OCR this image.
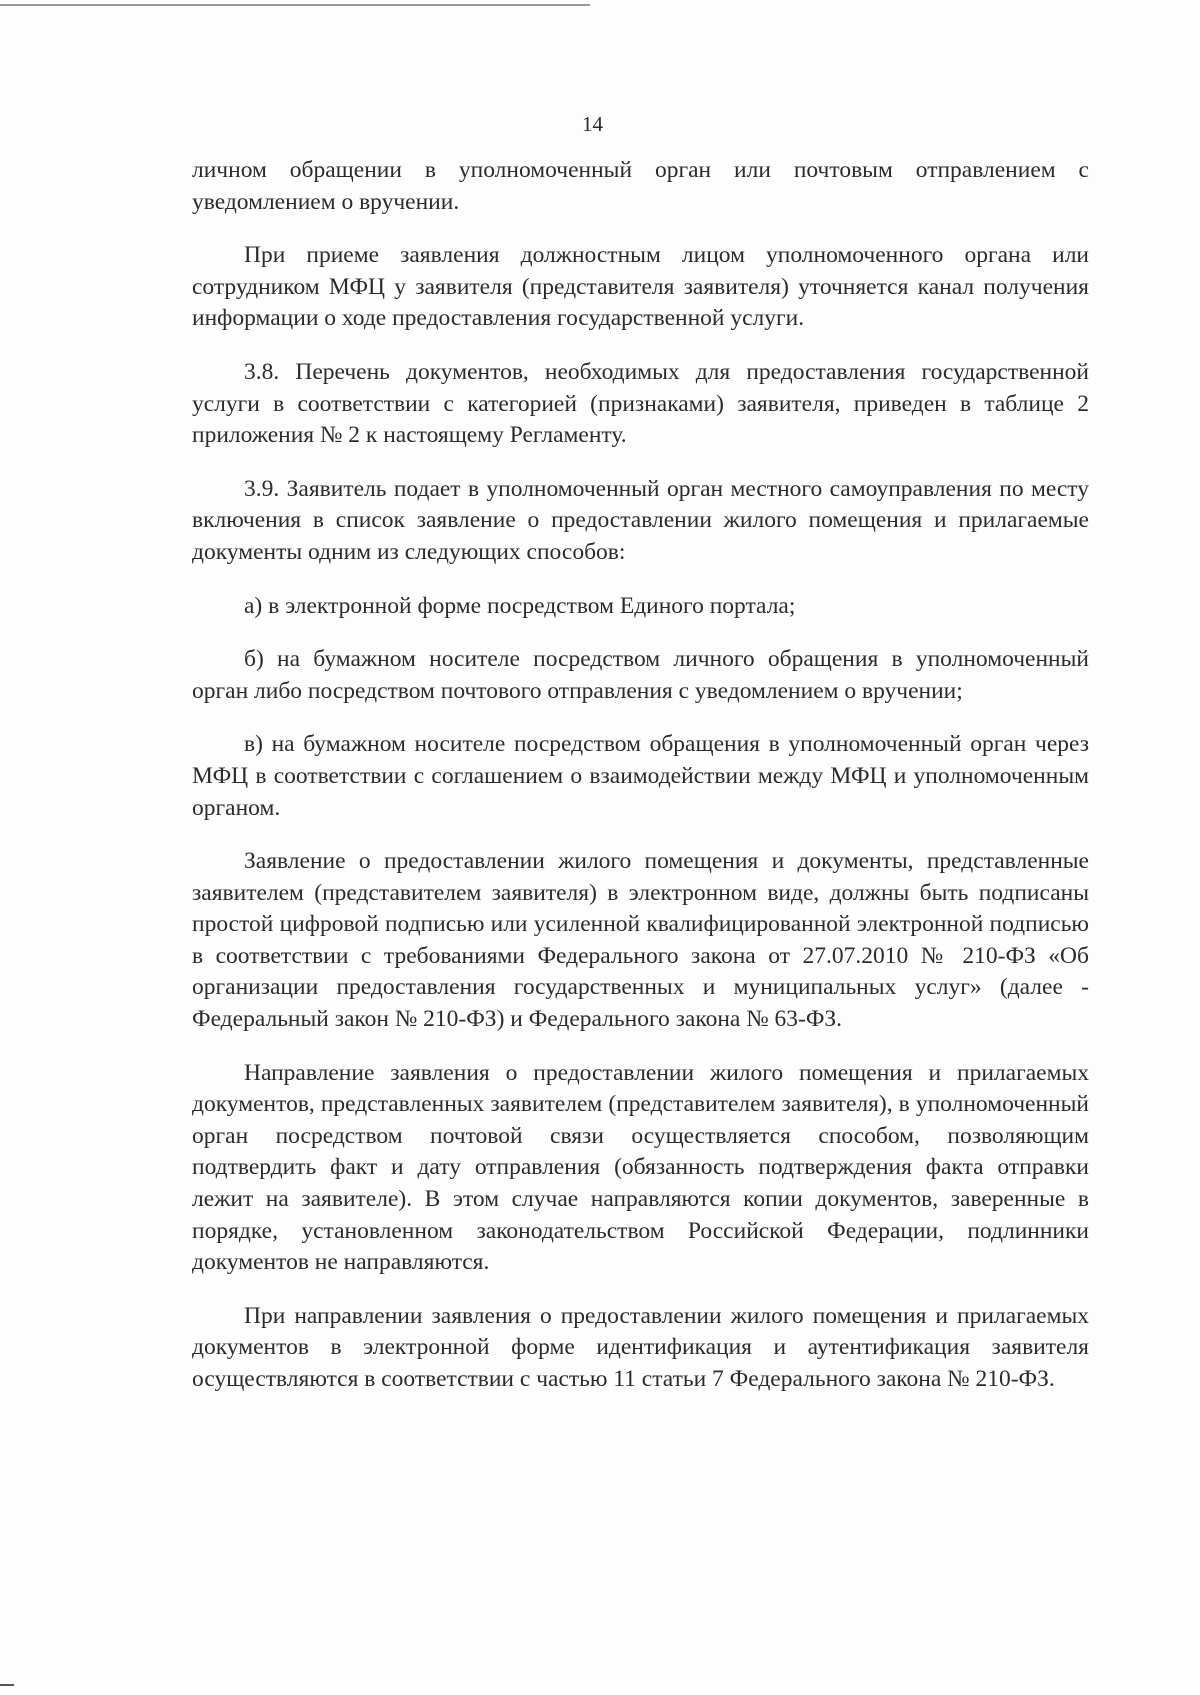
14

личном обращении в уполномоченный орган или почтовым отправлением с уведомлением о вручении.

При приеме заявления должностным лицом уполномоченного органа или сотрудником МФЦ у заявителя (представителя заявителя) уточняется канал получения информации о ходе предоставления государственной услуги.

3.8. Перечень документов, необходимых для предоставления государственной услуги в соответствии с категорией (признаками) заявителя, приведен в таблице 2 приложения № 2 к настоящему Регламенту.

3.9. Заявитель подает в уполномоченный орган местного самоуправления по месту включения в список заявление о предоставлении жилого помещения и прилагаемые документы одним из следующих способов:

а) в электронной форме посредством Единого портала;

б) на бумажном носителе посредством личного обращения в уполномоченный орган либо посредством почтового отправления с уведомлением о вручении;

в) на бумажном носителе посредством обращения в уполномоченный орган через МФЦ в соответствии с соглашением о взаимодействии между МФЦ и уполномоченным органом.

Заявление о предоставлении жилого помещения и документы, представленные заявителем (представителем заявителя) в электронном виде, должны быть подписаны простой цифровой подписью или усиленной квалифицированной электронной подписью в соответствии с требованиями Федерального закона от 27.07.2010 № 210-ФЗ «Об организации предоставления государственных и муниципальных услуг» (далее - Федеральный закон № 210-ФЗ) и Федерального закона № 63-ФЗ.

Направление заявления о предоставлении жилого помещения и прилагаемых документов, представленных заявителем (представителем заявителя), в уполномоченный орган посредством почтовой связи осуществляется способом, позволяющим подтвердить факт и дату отправления (обязанность подтверждения факта отправки лежит на заявителе). В этом случае направляются копии документов, заверенные в порядке, установленном законодательством Российской Федерации, подлинники документов не направляются.

При направлении заявления о предоставлении жилого помещения и прилагаемых документов в электронной форме идентификация и аутентификация заявителя осуществляются в соответствии с частью 11 статьи 7 Федерального закона № 210-ФЗ.
